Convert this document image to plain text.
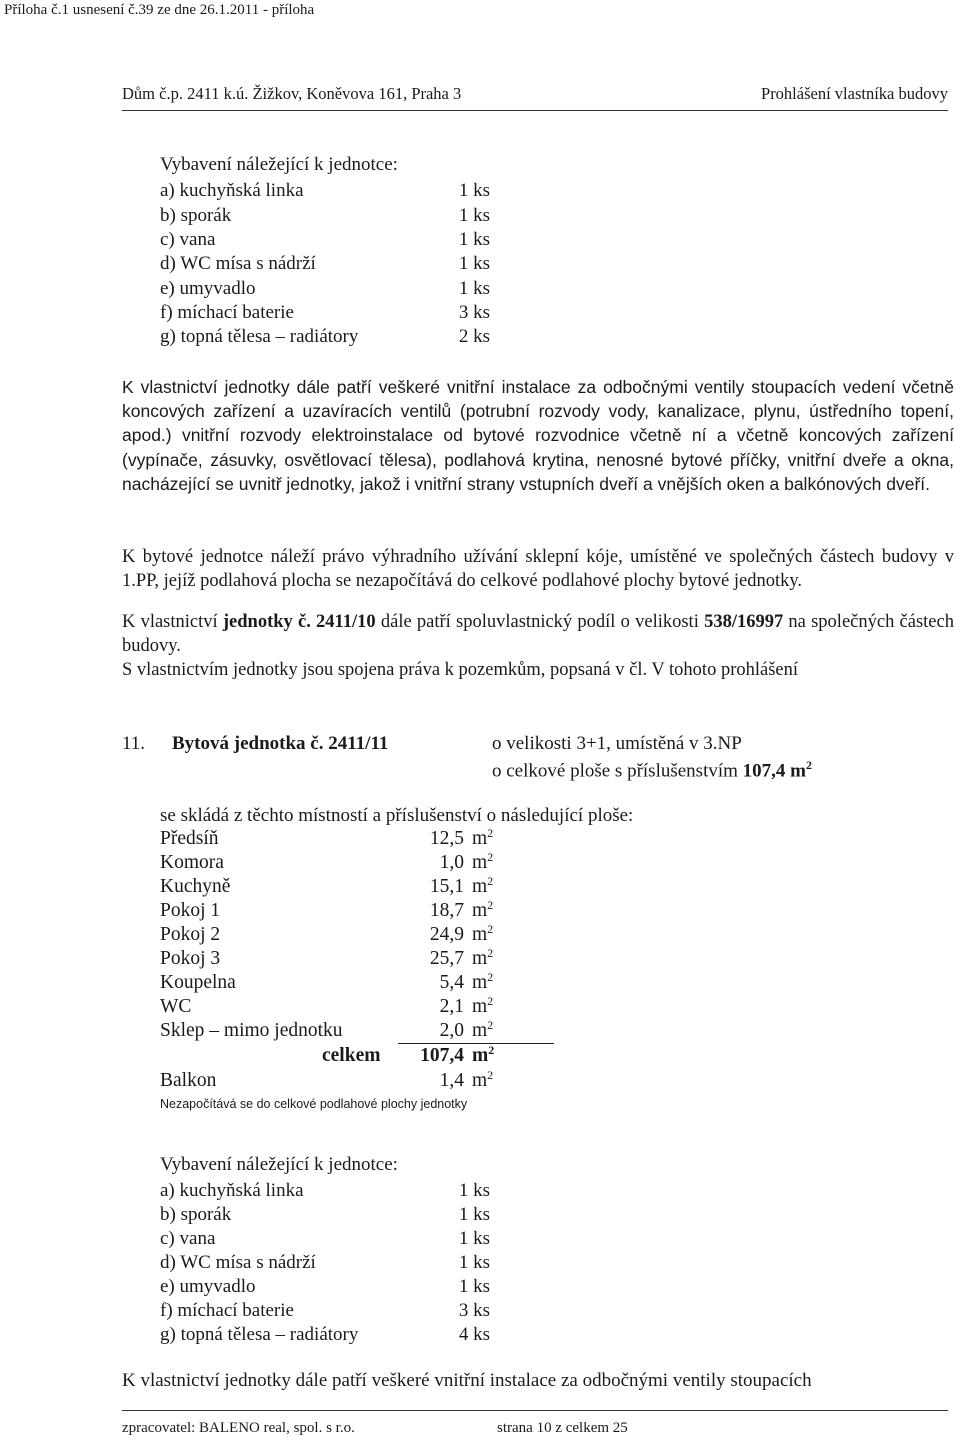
Příloha č.1 usnesení č.39 ze dne 26.1.2011 - příloha
Dům č.p. 2411 k.ú. Žižkov, Koněvova 161, Praha 3	Prohlášení vlastníka budovy
Vybavení náležející k jednotce:
a) kuchyňská linka	1 ks
b) sporák	1 ks
c) vana	1 ks
d) WC mísa s nádrží	1 ks
e) umyvadlo	1 ks
f) míchací baterie	3 ks
g) topná tělesa – radiátory	2 ks
K vlastnictví jednotky dále patří veškeré vnitřní instalace za odbočnými ventily stoupacích vedení včetně koncových zařízení a uzavíracích ventilů (potrubní rozvody vody, kanalizace, plynu, ústředního topení, apod.) vnitřní rozvody elektroinstalace od bytové rozvodnice včetně ní a včetně koncových zařízení (vypínače, zásuvky, osvětlovací tělesa), podlahová krytina, nenosné bytové příčky, vnitřní dveře a okna, nacházející se uvnitř jednotky, jakož i vnitřní strany vstupních dveří a vnějších oken a balkónových dveří.
K bytové jednotce náleží právo výhradního užívání sklepní kóje, umístěné ve společných částech budovy v 1.PP, jejíž podlahová plocha se nezapočítává do celkové podlahové plochy bytové jednotky.
K vlastnictví jednotky č. 2411/10 dále patří spoluvlastnický podíl o velikosti 538/16997 na společných částech budovy.
S vlastnictvím jednotky jsou spojena práva k pozemkům, popsaná v čl. V tohoto prohlášení
11. Bytová jednotka č. 2411/11	o velikosti 3+1, umístěná v 3.NP
o celkové ploše s příslušenstvím 107,4 $m^2$
se skládá z těchto místností a příslušenství o následující ploše:
Předsíň	12,5 $m^2$
Komora	1,0 $m^2$
Kuchyně	15,1 $m^2$
Pokoj 1	18,7 $m^2$
Pokoj 2	24,9 $m^2$
Pokoj 3	25,7 $m^2$
Koupelna	5,4 $m^2$
WC	2,1 $m^2$
Sklep – mimo jednotku	2,0 $m^2$
celkem	107,4 $m^2$
Balkon	1,4 $m^2$
Nezapočítává se do celkové podlahové plochy jednotky
Vybavení náležející k jednotce:
a) kuchyňská linka	1 ks
b) sporák	1 ks
c) vana	1 ks
d) WC mísa s nádrží	1 ks
e) umyvadlo	1 ks
f) míchací baterie	3 ks
g) topná tělesa – radiátory	4 ks
K vlastnictví jednotky dále patří veškeré vnitřní instalace za odbočnými ventily stoupacích
zpracovatel: BALENO real, spol. s r.o.	strana 10 z celkem 25
